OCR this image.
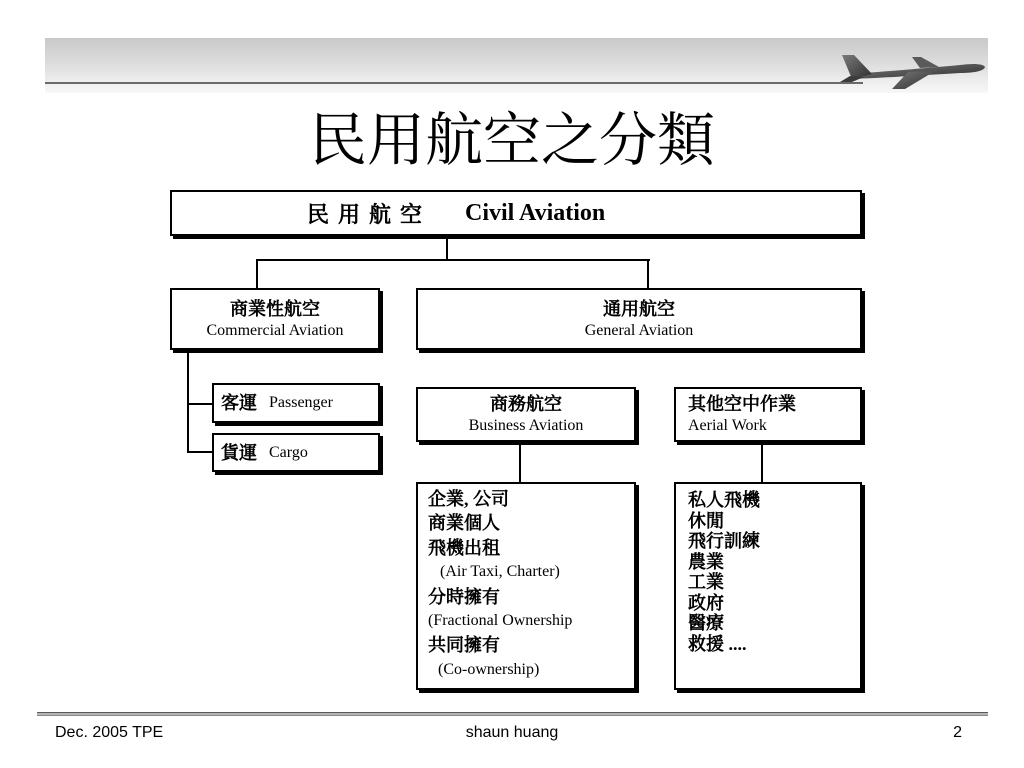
民用航空之分類
民用航空 Civil Aviation
商業性航空
Commercial Aviation
通用航空
General Aviation
客運 Passenger
貨運 Cargo
商務航空
Business Aviation
其他空中作業
Aerial Work
企業, 公司
商業個人
飛機出租
(Air Taxi, Charter)
分時擁有
(Fractional Ownership
共同擁有
(Co-ownership)
私人飛機
休閒
飛行訓練
農業
工業
政府
醫療
救援 ....
Dec. 2005 TPE	shaun huang	2
